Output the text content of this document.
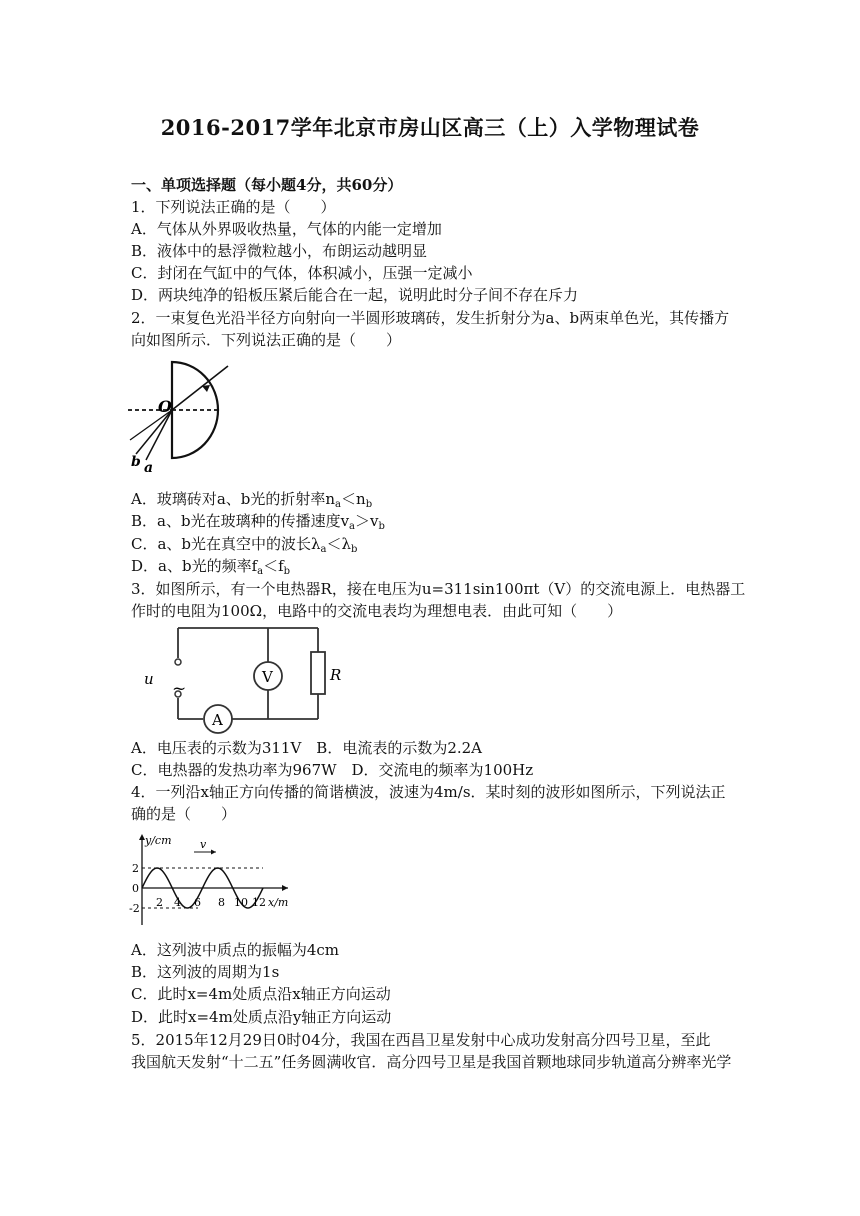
2016-2017学年北京市房山区高三（上）入学物理试卷
一、单项选择题（每小题4分，共60分）
1．下列说法正确的是（　　）
A．气体从外界吸收热量，气体的内能一定增加
B．液体中的悬浮微粒越小，布朗运动越明显
C．封闭在气缸中的气体，体积减小，压强一定减小
D．两块纯净的铅板压紧后能合在一起，说明此时分子间不存在斥力
2．一束复色光沿半径方向射向一半圆形玻璃砖，发生折射分为a、b两束单色光，其传播方
向如图所示．下列说法正确的是（　　）
O
a
b
A．玻璃砖对a、b光的折射率$n_a<n_b$
B．a、b光在玻璃种的传播速度$v_a>v_b$
C．a、b光在真空中的波长$\lambda_a<\lambda_b$
D．a、b光的频率$f_a<f_b$
3．如图所示，有一个电热器R，接在电压为u=311sin100πt（V）的交流电源上．电热器工
作时的电阻为100Ω，电路中的交流电表均为理想电表．由此可知（　　）
A
V	R
u ~
A．电压表的示数为311V　B．电流表的示数为2.2A
C．电热器的发热功率为967W　D．交流电的频率为100Hz
4．一列沿x轴正方向传播的简谐横波，波速为4m/s．某时刻的波形如图所示，下列说法正
确的是（　　）
v
y/cm
x/m
2
0
-2 2 4 6 8 10 12
A．这列波中质点的振幅为4cm
B．这列波的周期为1s
C．此时x=4m处质点沿x轴正方向运动
D．此时x=4m处质点沿y轴正方向运动
5．2015年12月29日0时04分，我国在西昌卫星发射中心成功发射高分四号卫星，至此
我国航天发射“十二五”任务圆满收官．高分四号卫星是我国首颗地球同步轨道高分辨率光学
